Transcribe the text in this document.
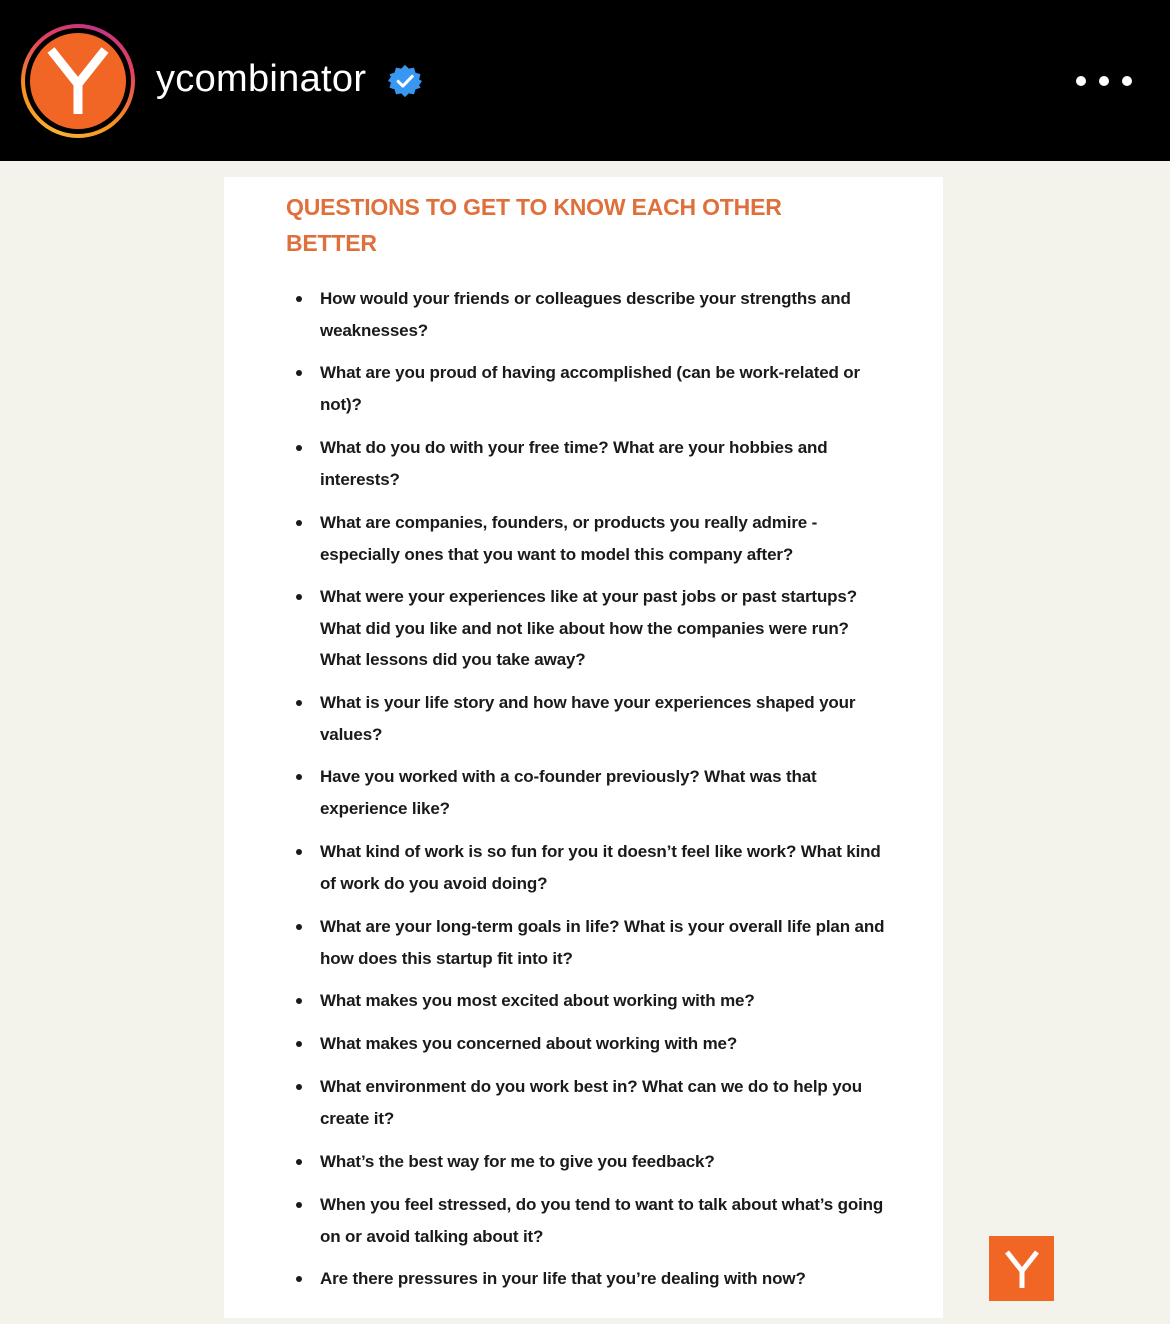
ycombinator
QUESTIONS TO GET TO KNOW EACH OTHER BETTER
How would your friends or colleagues describe your strengths and weaknesses?
What are you proud of having accomplished (can be work-related or not)?
What do you do with your free time? What are your hobbies and interests?
What are companies, founders, or products you really admire - especially ones that you want to model this company after?
What were your experiences like at your past jobs or past startups? What did you like and not like about how the companies were run? What lessons did you take away?
What is your life story and how have your experiences shaped your values?
Have you worked with a co-founder previously? What was that experience like?
What kind of work is so fun for you it doesn’t feel like work? What kind of work do you avoid doing?
What are your long-term goals in life? What is your overall life plan and how does this startup fit into it?
What makes you most excited about working with me?
What makes you concerned about working with me?
What environment do you work best in? What can we do to help you create it?
What’s the best way for me to give you feedback?
When you feel stressed, do you tend to want to talk about what’s going on or avoid talking about it?
Are there pressures in your life that you’re dealing with now?
